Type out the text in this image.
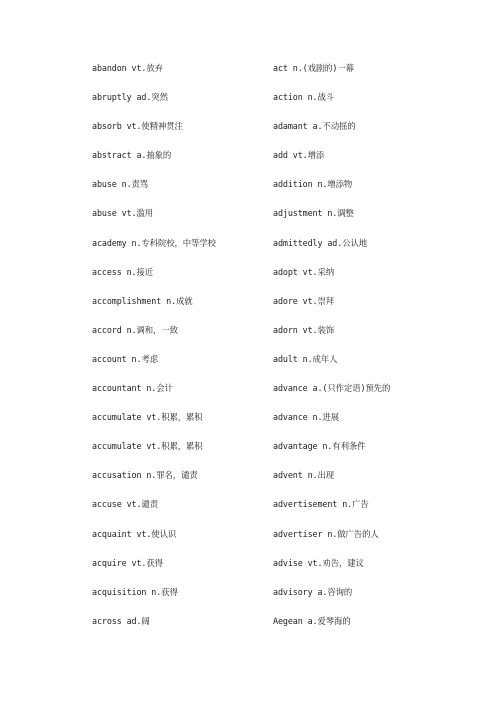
abandon vt.放弃
abruptly ad.突然
absorb vt.使精神贯注
abstract a.抽象的
abuse n.责骂
abuse vt.滥用
academy n.专科院校，中等学校
access n.接近
accomplishment n.成就
accord n.调和，一致
account n.考虑
accountant n.会计
accumulate vt.积累，累积
accumulate vt.积累，累积
accusation n.罪名，谴责
accuse vt.谴责
acquaint vt.使认识
acquire vt.获得
acquisition n.获得
across ad.阔
act n.(戏剧的)一幕
action n.战斗
adamant a.不动摇的
add vt.增添
addition n.增添物
adjustment n.调整
admittedly ad.公认地
adopt vt.采纳
adore vt.崇拜
adorn vt.装饰
adult n.成年人
advance a.(只作定语)预先的
advance n.进展
advantage n.有利条件
advent n.出现
advertisement n.广告
advertiser n.做广告的人
advise vt.劝告，建议
advisory a.咨询的
Aegean a.爱琴海的
